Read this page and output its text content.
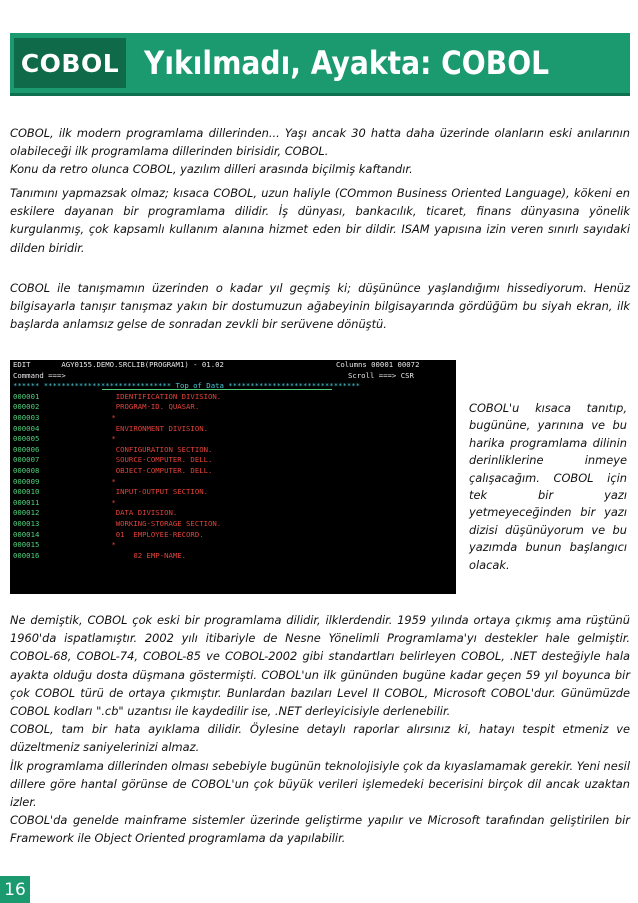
COBOL Yıkılmadı, Ayakta: COBOL

COBOL, ilk modern programlama dillerinden... Yaşı ancak 30 hatta daha üzerinde olanların eski anılarının olabileceği ilk programlama dillerinden birisidir, COBOL.
Konu da retro olunca COBOL, yazılım dilleri arasında biçilmiş kaftandır.

Tanımını yapmazsak olmaz; kısaca COBOL, uzun haliyle (COmmon Business Oriented Language), kökeni en eskilere dayanan bir programlama dilidir. İş dünyası, bankacılık, ticaret, finans dünyasına yönelik kurgulanmış, çok kapsamlı kullanım alanına hizmet eden bir dildir. ISAM yapısına izin veren sınırlı sayıdaki dilden biridir.

COBOL ile tanışmamın üzerinden o kadar yıl geçmiş ki; düşününce yaşlandığımı hissediyorum. Henüz bilgisayarla tanışır tanışmaz yakın bir dostumuzun ağabeyinin bilgisayarında gördüğüm bu siyah ekran, ilk başlarda anlamsız gelse de sonradan zevkli bir serüvene dönüştü.

EDIT       AGY0155.DEMO.SRCLIB(PROGRAM1) - 01.02	Columns 00001 00072
Command ===>	Scroll ===> CSR
****** ***************************** Top of Data ******************************
000001	IDENTIFICATION DIVISION.
000002	PROGRAM-ID. QUASAR.
000003	*
000004	ENVIRONMENT DIVISION.
000005	*
000006	CONFIGURATION SECTION.
000007	SOURCE-COMPUTER. DELL.
000008	OBJECT-COMPUTER. DELL.
000009	*
000010	INPUT-OUTPUT SECTION.
000011	*
000012	DATA DIVISION.
000013	WORKING-STORAGE SECTION.
000014	01  EMPLOYEE-RECORD.
000015	*
000016	02 EMP-NAME.

COBOL'u kısaca tanıtıp, bugününe, yarınına ve bu harika programlama dilinin derinliklerine inmeye çalışacağım. COBOL için tek bir yazı yetmeyeceğinden bir yazı dizisi düşünüyorum ve bu yazımda bunun başlangıcı olacak.

Ne demiştik, COBOL çok eski bir programlama dilidir, ilklerdendir. 1959 yılında ortaya çıkmış ama rüştünü 1960'da ispatlamıştır. 2002 yılı itibariyle de Nesne Yönelimli Programlama'yı destekler hale gelmiştir. COBOL-68, COBOL-74, COBOL-85 ve COBOL-2002 gibi standartları belirleyen COBOL, .NET desteğiyle hala ayakta olduğu dosta düşmana göstermişti. COBOL'un ilk gününden bugüne kadar geçen 59 yıl boyunca bir çok COBOL türü de ortaya çıkmıştır. Bunlardan bazıları Level II COBOL, Microsoft COBOL'dur. Günümüzde COBOL kodları ".cb" uzantısı ile kaydedilir ise, .NET derleyicisiyle derlenebilir.
COBOL, tam bir hata ayıklama dilidir. Öylesine detaylı raporlar alırsınız ki, hatayı tespit etmeniz ve düzeltmeniz saniyelerinizi almaz.
İlk programlama dillerinden olması sebebiyle bugünün teknolojisiyle çok da kıyaslamamak gerekir. Yeni nesil dillere göre hantal görünse de COBOL'un çok büyük verileri işlemedeki becerisini birçok dil ancak uzaktan izler.
COBOL'da genelde mainframe sistemler üzerinde geliştirme yapılır ve Microsoft tarafından geliştirilen bir Framework ile Object Oriented programlama da yapılabilir.

16
